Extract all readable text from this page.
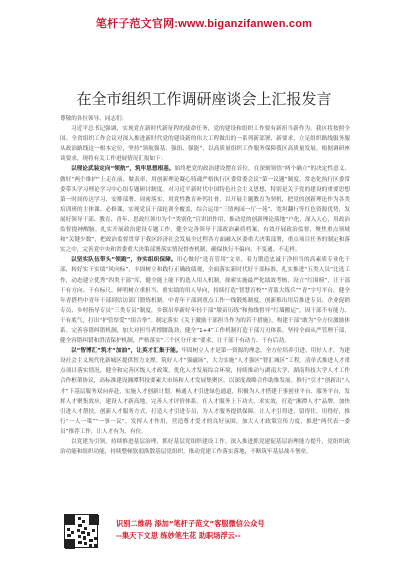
笔杆子范文官网:www.biganzifanwen.com
在全市组织工作调研座谈会上汇报发言

尊敬的各位领导、同志们：

习近平总书记强调，实现党在新时代新征程的使命任务，党的建设和组织工作要有新担当新作为。我区将按照全国、全省组织工作会议对深入推进新时代党的建设新的伟大工程做出的一系列新部署、新要求，立足组织路线服务服从政治路线这一根本定位，坚持“领航强基、强组、强能”，以高质量组织工作服务保障我区高质量发展。根据调研座谈要求，现将有关工作进展情况汇报如下：

以理论武装定向“领航”，筑牢思想根基。始终把党的政治建设摆在首位，在深刻领悟“两个确立”的决定性意义、做好“两个维护”上走在前、做表率，用创新理论凝心铸魂严格执行区委常委会议“第一议题”制度，常态化执行区委常委带头学习理论学习中心组专题研讨制度。对习近平新时代中国特色社会主义思想，特别是关于党的建设的重要思想第一时间传达学习、安排部署、周密落实，用党性教育补钙壮骨，以开展主题教育为契机，把党的创新理论作为各类培训班的主体课、必修课，实现党员干部轮训全覆盖，综合运用“三情两园一厅一苑”、宽坦翻行等红色资源优势，发展好领导干部、教育、青年、思政红领巾为个“类别化”宣讲团作用，推动党的创新理论落地“户化，深入人心，用政治监督提神醒脑。扎实开展政治建设专题工作，健全完善领导干部政治素质档案，有效开展政治监督，聚焦重点领域和“关键少数”，把政治监督贯穿于我区经济社会发展全过程各方面融入区委重大决策部署，重点项目任务的制定和落实之中，完善党中央和省委重大决策部署落实情况督查机制，确保执行不偏向、不变通、不走样。

以坚实队伍带头“领跑”，夯实组织保障。用心做好“选育管用”文章，着力锻造忠诚干净担当的高素质专业化干部，转好实干实绩“风向标”，丰固树立和践行正确政绩观，全面落实新时代好干部标准，扎实推进“五类人员”比选工作，动态建立优秀“四类干部”库，健全能上能下的选人用人机制，探索实施最严化绩效考核，设立“红围榜”，让干部干有方向、干有标尺。鲜明树立重担当、重实绩的用人导向，持续打造“智慧育校”“青蓝大练兵”“青”字号平台，健全年青搭档中青年干部到信访部门锻炼机制。中青年干部到重点工作一线锻炼制度，创新推出用后推进专员、企业促销专员、乡村指导专员“三类专员”制度，乡镇吊举新好年轻干部“墩苗历练”和热线督导“红墙搬运”。因干部不有能力、干有底气，打出“护管厚爱”“组合拳”。制定落实《关于激励干部担当作为的若干措施》，构建干部“敢为”全方位激励体系。完善容错纠错机制，加大对担当者撑腰鼓劲；健全“1+4”工作机制打造干部刀刃体系，坚持全面从严管理干部，健全容错纠错和澄清保护机制，严格落实“三个区分开来”要求，让干部干有动力、干有后劲。

以“智博汇”筑才“加油”，让英才汇集于能。牢固树立人才是第一资源的理念，全方位培养引进、用好人才。为建设社会主义现代化新城区提供智力支撑。筑好人才“强磁场”，大力实施“人才强区”智汇城区”工程。清单式推进人才重点项目落实情况，健全和完善区级人才政策，优化人才发展综合环境，持续推动与湖南大学、湖南科技大学人才工作合作框架协议，高标准建设湘潭科技要素大市场和人才发展集聚区，以深度战略合作助推发展。推行“引才”创新出“人才”下基层服务双向奔赴，实施人才创新计划。畅通人才引进绿色通道，积极为人才搭建干事创业平台、服务平台，发挥人才聚集效应，建设人才新高地，完善人才评价体系。在人才服务上下功夫、求实效，打造“湘潭人才”品牌。加快引进人才帮扶，创新人才服务方式，打造人才引进专员，为人才服务提供保障。让人才引得进、留得住、用得好，推行“一人一策”“一事一议”，发挥人才作用，营造尊才爱才的良好氛围，加大人才政策宣传力度，推进“两代表一委员”推荐工作，让人才有为、有位。

以党建为引领，持续推进基层治理，抓好基层党组织建设工作。深入推进抓党建促基层治理能力提升，党组织政治功能和组织功能，持续整顿软弱涣散基层党组织，推动党建工作落实落地，不断筑牢基层战斗堡垒。

识别二维码 添加“笔杆子范文”客服微信公众号
--集天下文思 练妙笔生花 助职场浮云--
